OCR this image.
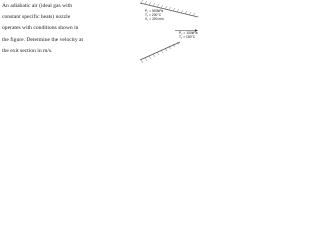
An adiabatic air (ideal gas with
constant specific heats) nozzle
operates with conditions shown in
the figure. Determine the velocity at
the exit section in m/s.

P₁ = 500kPa
T₁ = 200°C
V₁ = 200 m/s

P₂ = 100kPa
T₂ = 150°C
